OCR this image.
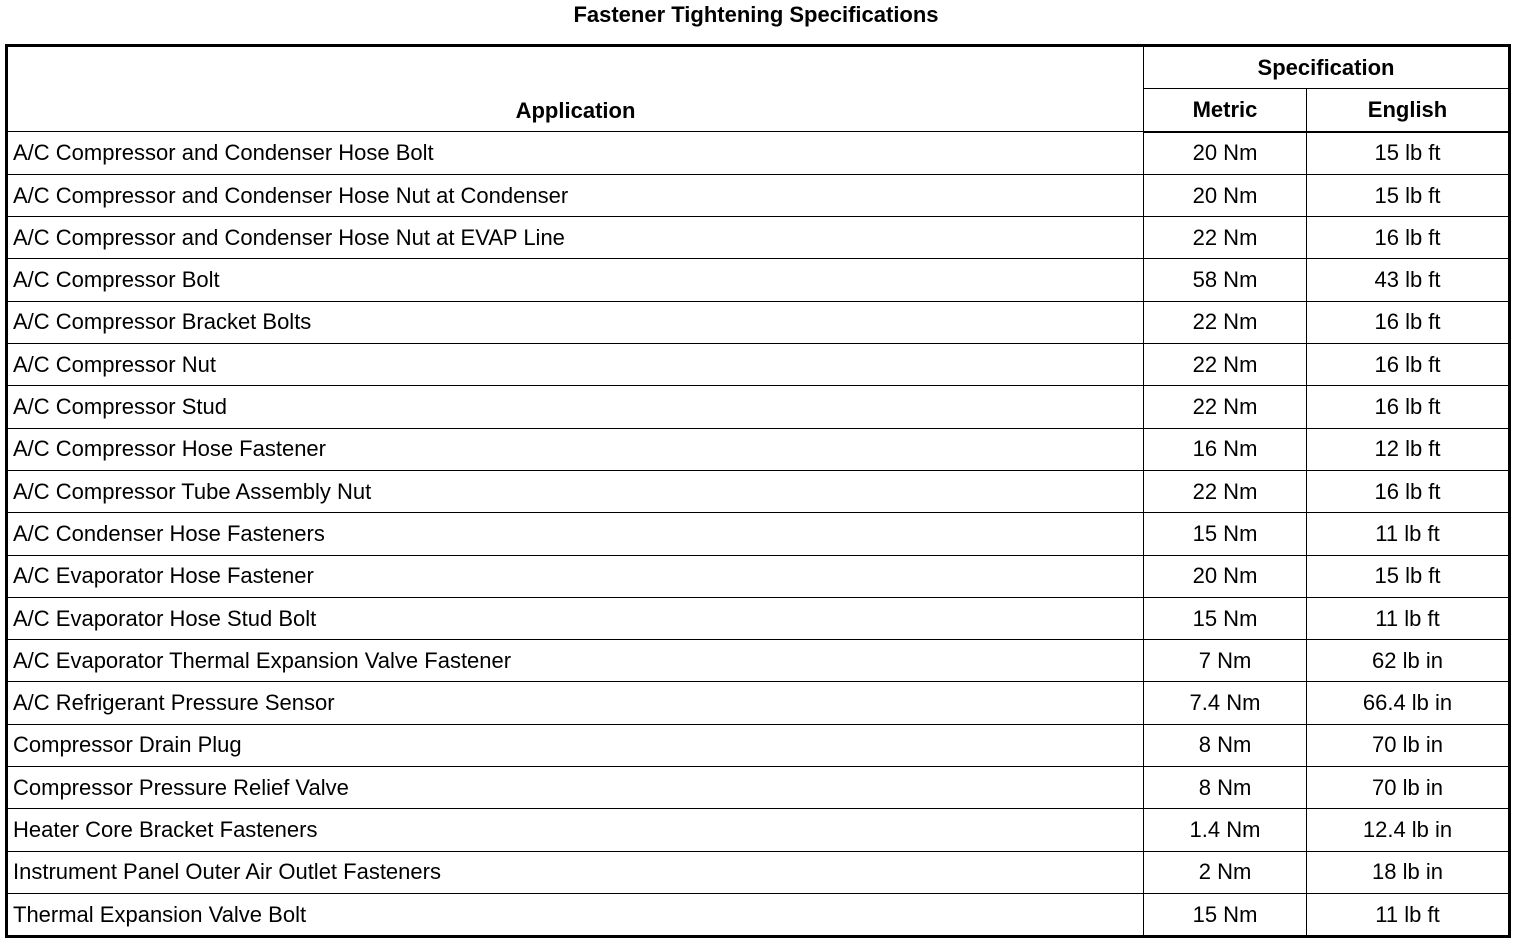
Fastener Tightening Specifications
Application	Specification	
	Metric	English
A/C Compressor and Condenser Hose Bolt	20 Nm	15 lb ft
A/C Compressor and Condenser Hose Nut at Condenser	20 Nm	15 lb ft
A/C Compressor and Condenser Hose Nut at EVAP Line	22 Nm	16 lb ft
A/C Compressor Bolt	58 Nm	43 lb ft
A/C Compressor Bracket Bolts	22 Nm	16 lb ft
A/C Compressor Nut	22 Nm	16 lb ft
A/C Compressor Stud	22 Nm	16 lb ft
A/C Compressor Hose Fastener	16 Nm	12 lb ft
A/C Compressor Tube Assembly Nut	22 Nm	16 lb ft
A/C Condenser Hose Fasteners	15 Nm	11 lb ft
A/C Evaporator Hose Fastener	20 Nm	15 lb ft
A/C Evaporator Hose Stud Bolt	15 Nm	11 lb ft
A/C Evaporator Thermal Expansion Valve Fastener	7 Nm	62 lb in
A/C Refrigerant Pressure Sensor	7.4 Nm	66.4 lb in
Compressor Drain Plug	8 Nm	70 lb in
Compressor Pressure Relief Valve	8 Nm	70 lb in
Heater Core Bracket Fasteners	1.4 Nm	12.4 lb in
Instrument Panel Outer Air Outlet Fasteners	2 Nm	18 lb in
Thermal Expansion Valve Bolt	15 Nm	11 lb ft
